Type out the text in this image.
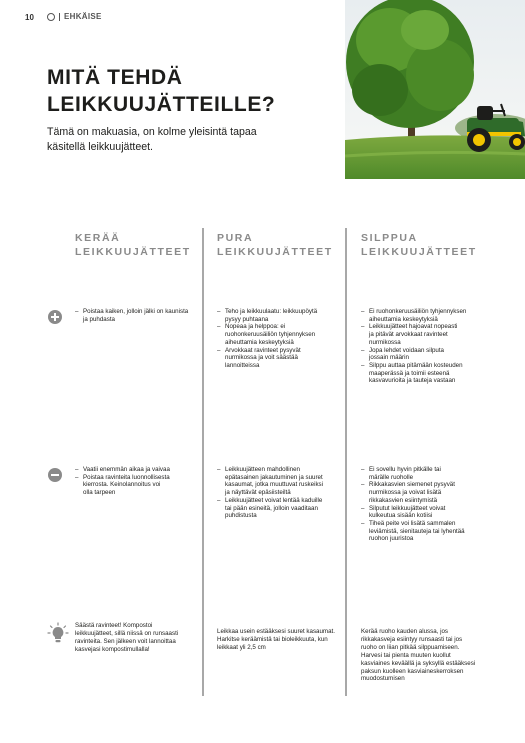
10	EHKÄISE
MITÄ TEHDÄ
LEIKKUUJÄTTEILLE?
Tämä on makuasia, on kolme yleisintä tapaa
käsitellä leikkuujätteet.
KERÄÄ
LEIKKUUJÄTTEET
PURA
LEIKKUUJÄTTEET
SILPPUA
LEIKKUUJÄTTEET
– Poistaa kaiken, jolloin jälki on kaunista
ja puhdasta
– Vaatii enemmän aikaa ja vaivaa
– Poistaa ravinteita luonnollisesta
kierrosta. Keinolannoitus voi
olla tarpeen
Säästä ravinteet! Kompostoi
leikkuujätteet, sillä niissä on runsaasti
ravinteita. Sen jälkeen voit lannoittaa
kasvejasi kompostimullalla!
– Teho ja leikkuulaatu: leikkuupöytä
pysyy puhtaana
– Nopeaa ja helppoa: ei
ruohonkeruusäiliön tyhjennyksen
aiheuttamia keskeytyksiä
– Arvokkaat ravinteet pysyvät
nurmikossa ja voit säästää
lannoitteissa
– Leikkuujätteen mahdollinen
epätasainen jakautuminen ja suuret
kasaumat, jotka muuttuvat ruskeiksi
ja näyttävät epäsiisteiltä
– Leikkuujätteet voivat lentää kaduille
tai pään esineitä, jolloin vaaditaan
puhdistusta
Leikkaa usein estääksesi suuret kasaumat.
Harkitse keräämistä tai bioleikkuuta, kun
leikkaat yli 2,5 cm
– Ei ruohonkeruusäiliön tyhjennyksen
aiheuttamia keskeytyksiä
– Leikkuujätteet hajoavat nopeasti
ja pitävät arvokkaat ravinteet
nurmikossa
– Jopa lehdet voidaan silputa
jossain määrin
– Silppu auttaa pitämään kosteuden
maaperässä ja toimii esteenä
kasvavurioita ja tauteja vastaan
– Ei sovellu hyvin pitkälle tai
märälle ruoholle
– Rikkakasvien siemenet pysyvät
nurmikossa ja voivat lisätä
rikkakasvien esiintymistä
– Silputut leikkuujätteet voivat
kulkeutua sisään kotiisi
– Tiheä peite voi lisätä sammalen
leviämistä, sienitauteja tai lyhentää
ruohon juuristoa
Kerää ruoho kauden alussa, jos
rikkakasveja esiintyy runsaasti tai jos
ruoho on liian pitkää silppuamiseen.
Harvesi tai pienta muuten kuollut
kasviaines keväällä ja syksyllä estääksesi
paksun kuolleen kasviaineskerroksen
muodostumisen
